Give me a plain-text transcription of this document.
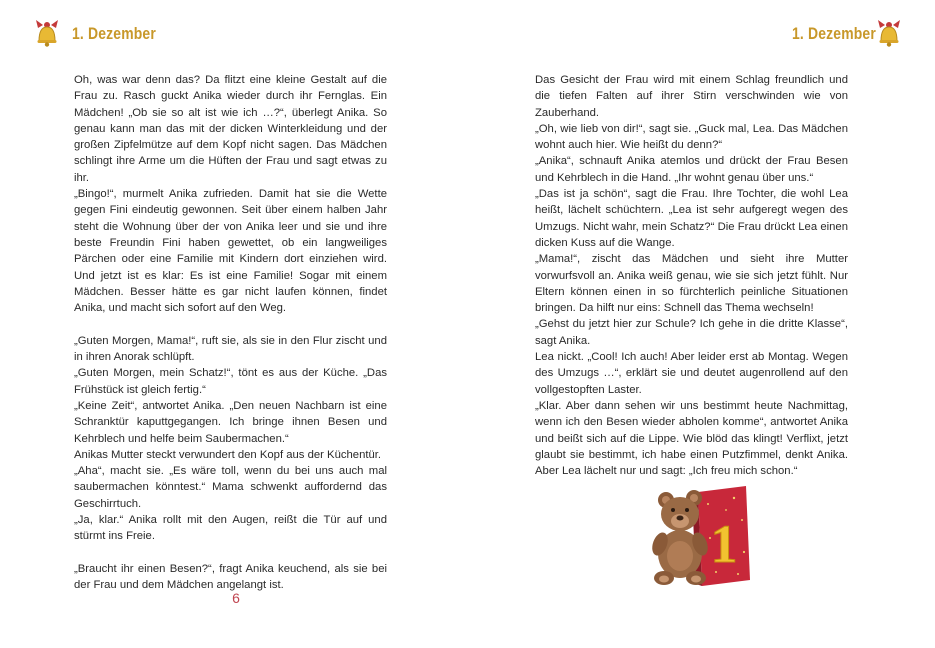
1. Dezember	1. Dezember

Oh, was war denn das? Da flitzt eine kleine Gestalt auf die Frau zu. Rasch guckt Anika wieder durch ihr Fernglas. Ein Mädchen! „Ob sie so alt ist wie ich …?“, überlegt Anika. So genau kann man das mit der dicken Winterkleidung und der großen Zipfelmütze auf dem Kopf nicht sagen. Das Mädchen schlingt ihre Arme um die Hüften der Frau und sagt etwas zu ihr.

„Bingo!“, murmelt Anika zufrieden. Damit hat sie die Wette gegen Fini eindeutig gewonnen. Seit über einem halben Jahr steht die Wohnung über der von Anika leer und sie und ihre beste Freundin Fini haben gewettet, ob ein langweiliges Pärchen oder eine Familie mit Kindern dort einziehen wird. Und jetzt ist es klar: Es ist eine Familie! Sogar mit einem Mädchen. Besser hätte es gar nicht laufen können, findet Anika, und macht sich sofort auf den Weg.

„Guten Morgen, Mama!“, ruft sie, als sie in den Flur zischt und in ihren Anorak schlüpft.

„Guten Morgen, mein Schatz!“, tönt es aus der Küche. „Das Frühstück ist gleich fertig.“

„Keine Zeit“, antwortet Anika. „Den neuen Nachbarn ist eine Schranktür kaputtgegangen. Ich bringe ihnen Besen und Kehrblech und helfe beim Saubermachen.“

Anikas Mutter steckt verwundert den Kopf aus der Küchentür.

„Aha“, macht sie. „Es wäre toll, wenn du bei uns auch mal saubermachen könntest.“ Mama schwenkt auffordernd das Geschirrtuch.

„Ja, klar.“ Anika rollt mit den Augen, reißt die Tür auf und stürmt ins Freie.

„Braucht ihr einen Besen?“, fragt Anika keuchend, als sie bei der Frau und dem Mädchen angelangt ist.

6

Das Gesicht der Frau wird mit einem Schlag freundlich und die tiefen Falten auf ihrer Stirn verschwinden wie von Zauberhand.

„Oh, wie lieb von dir!“, sagt sie. „Guck mal, Lea. Das Mädchen wohnt auch hier. Wie heißt du denn?“

„Anika“, schnauft Anika atemlos und drückt der Frau Besen und Kehrblech in die Hand. „Ihr wohnt genau über uns.“

„Das ist ja schön“, sagt die Frau. Ihre Tochter, die wohl Lea heißt, lächelt schüchtern. „Lea ist sehr aufgeregt wegen des Umzugs. Nicht wahr, mein Schatz?“ Die Frau drückt Lea einen dicken Kuss auf die Wange.

„Mama!“, zischt das Mädchen und sieht ihre Mutter vorwurfsvoll an. Anika weiß genau, wie sie sich jetzt fühlt. Nur Eltern können einen in so fürchterlich peinliche Situationen bringen. Da hilft nur eins: Schnell das Thema wechseln!

„Gehst du jetzt hier zur Schule? Ich gehe in die dritte Klasse“, sagt Anika.

Lea nickt. „Cool! Ich auch! Aber leider erst ab Montag. Wegen des Umzugs …“, erklärt sie und deutet augenrollend auf den vollgestopften Laster.

„Klar. Aber dann sehen wir uns bestimmt heute Nachmittag, wenn ich den Besen wieder abholen komme“, antwortet Anika und beißt sich auf die Lippe. Wie blöd das klingt! Verflixt, jetzt glaubt sie bestimmt, ich habe einen Putzfimmel, denkt Anika. Aber Lea lächelt nur und sagt: „Ich freu mich schon.“

1
